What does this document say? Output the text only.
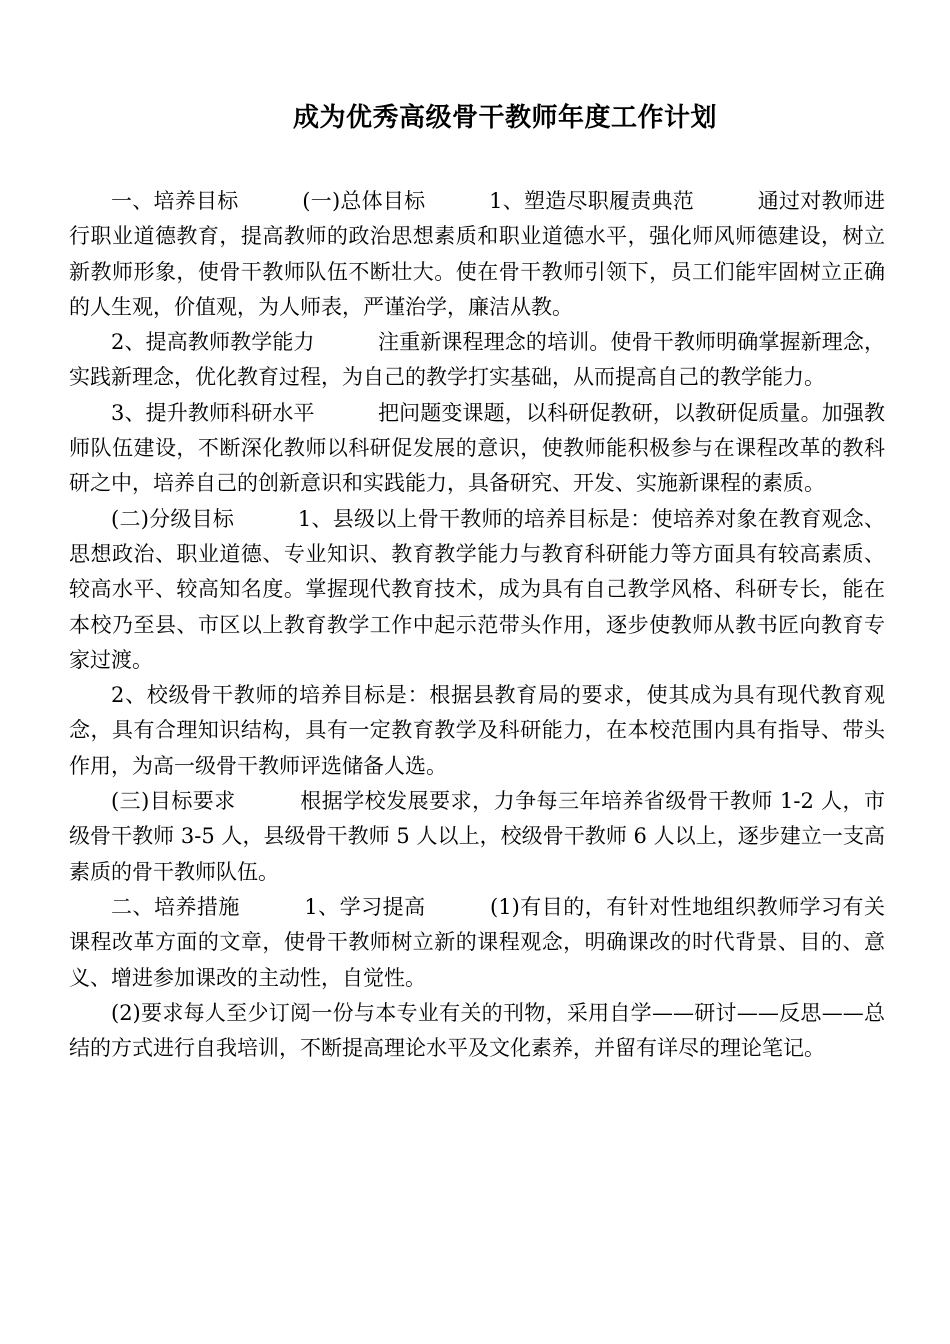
成为优秀高级骨干教师年度工作计划

一、培养目标　　　(一)总体目标　　　1、塑造尽职履责典范　　　通过对教师进行职业道德教育，提高教师的政治思想素质和职业道德水平，强化师风师德建设，树立新教师形象，使骨干教师队伍不断壮大。使在骨干教师引领下，员工们能牢固树立正确的人生观，价值观，为人师表，严谨治学，廉洁从教。

2、提高教师教学能力　　　注重新课程理念的培训。使骨干教师明确掌握新理念，实践新理念，优化教育过程，为自己的教学打实基础，从而提高自己的教学能力。

3、提升教师科研水平　　　把问题变课题，以科研促教研，以教研促质量。加强教师队伍建设，不断深化教师以科研促发展的意识，使教师能积极参与在课程改革的教科研之中，培养自己的创新意识和实践能力，具备研究、开发、实施新课程的素质。

(二)分级目标　　　1、县级以上骨干教师的培养目标是：使培养对象在教育观念、思想政治、职业道德、专业知识、教育教学能力与教育科研能力等方面具有较高素质、较高水平、较高知名度。掌握现代教育技术，成为具有自己教学风格、科研专长，能在本校乃至县、市区以上教育教学工作中起示范带头作用，逐步使教师从教书匠向教育专家过渡。

2、校级骨干教师的培养目标是：根据县教育局的要求，使其成为具有现代教育观念，具有合理知识结构，具有一定教育教学及科研能力，在本校范围内具有指导、带头作用，为高一级骨干教师评选储备人选。

(三)目标要求　　　根据学校发展要求，力争每三年培养省级骨干教师 1-2 人，市级骨干教师 3-5 人，县级骨干教师 5 人以上，校级骨干教师 6 人以上，逐步建立一支高素质的骨干教师队伍。

二、培养措施　　　1、学习提高　　　(1)有目的，有针对性地组织教师学习有关课程改革方面的文章，使骨干教师树立新的课程观念，明确课改的时代背景、目的、意义、增进参加课改的主动性，自觉性。

(2)要求每人至少订阅一份与本专业有关的刊物，采用自学——研讨——反思——总结的方式进行自我培训，不断提高理论水平及文化素养，并留有详尽的理论笔记。
